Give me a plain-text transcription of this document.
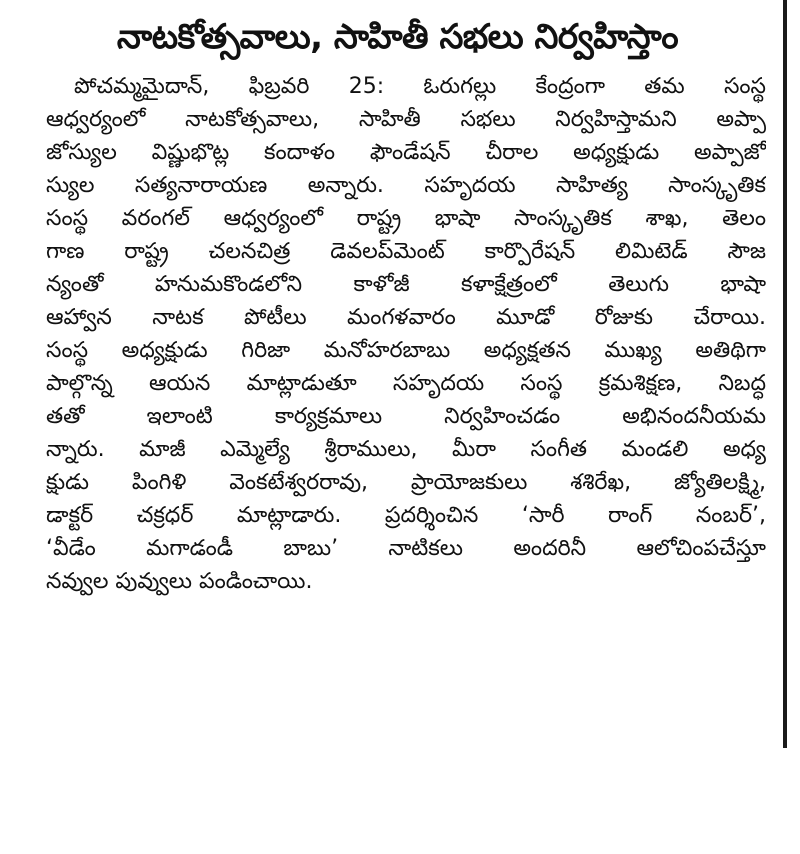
నాటకోత్సవాలు, సాహితీ సభలు నిర్వహిస్తాం
పోచమ్మమైదాన్, ఫిబ్రవరి 25: ఓరుగల్లు కేంద్రంగా తమ సంస్థ
ఆధ్వర్యంలో నాటకోత్సవాలు, సాహితీ సభలు నిర్వహిస్తామని అప్పా
జోస్యుల విష్ణుభొట్ల కందాళం ఫౌండేషన్ చీరాల అధ్యక్షుడు అప్పాజో
స్యుల సత్యనారాయణ అన్నారు. సహృదయ సాహిత్య సాంస్కృతిక
సంస్థ వరంగల్ ఆధ్వర్యంలో రాష్ట్ర భాషా సాంస్కృతిక శాఖ, తెలం
గాణ రాష్ట్ర చలనచిత్ర డెవలప్‌మెంట్ కార్పొరేషన్ లిమిటెడ్ సౌజ
న్యంతో హనుమకొండలోని కాళోజీ కళాక్షేత్రంలో తెలుగు భాషా
ఆహ్వాన నాటక పోటీలు మంగళవారం మూడో రోజుకు చేరాయి.
సంస్థ అధ్యక్షుడు గిరిజా మనోహరబాబు అధ్యక్షతన ముఖ్య అతిథిగా
పాల్గొన్న ఆయన మాట్లాడుతూ సహృదయ సంస్థ క్రమశిక్షణ, నిబద్ధ
తతో ఇలాంటి కార్యక్రమాలు నిర్వహించడం అభినందనీయమ
న్నారు. మాజీ ఎమ్మెల్యే శ్రీరాములు, మీరా సంగీత మండలి అధ్య
క్షుడు పింగిళి వెంకటేశ్వరరావు, ప్రాయోజకులు శశిరేఖ, జ్యోతిలక్ష్మి,
డాక్టర్ చక్రధర్ మాట్లాడారు. ప్రదర్శించిన ‘సారీ రాంగ్ నంబర్’,
‘వీడేం మగాడండీ బాబు’ నాటికలు అందరినీ ఆలోచింపచేస్తూ
నవ్వుల పువ్వులు పండించాయి.
